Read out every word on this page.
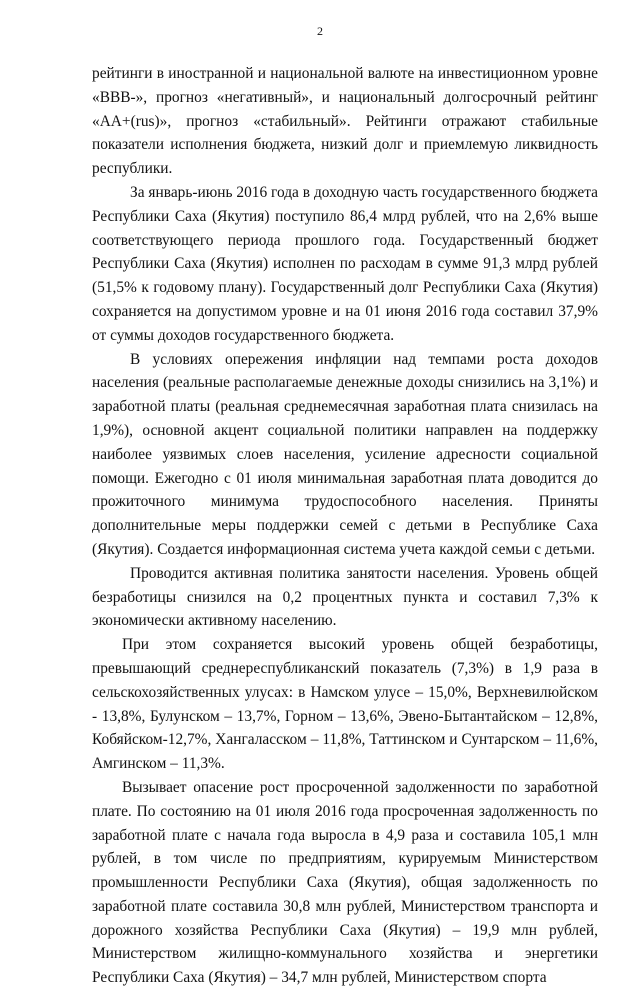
2

рейтинги в иностранной и национальной валюте на инвестиционном уровне «BBB-», прогноз «негативный», и национальный долгосрочный рейтинг «AA+(rus)», прогноз «стабильный». Рейтинги отражают стабильные показатели исполнения бюджета, низкий долг и приемлемую ликвидность республики.

За январь-июнь 2016 года в доходную часть государственного бюджета Республики Саха (Якутия) поступило 86,4 млрд рублей, что на 2,6% выше соответствующего периода прошлого года. Государственный бюджет Республики Саха (Якутия) исполнен по расходам в сумме 91,3 млрд рублей (51,5% к годовому плану). Государственный долг Республики Саха (Якутия) сохраняется на допустимом уровне и на 01 июня 2016 года составил 37,9% от суммы доходов государственного бюджета.

В условиях опережения инфляции над темпами роста доходов населения (реальные располагаемые денежные доходы снизились на 3,1%) и заработной платы (реальная среднемесячная заработная плата снизилась на 1,9%), основной акцент социальной политики направлен на поддержку наиболее уязвимых слоев населения, усиление адресности социальной помощи. Ежегодно с 01 июля минимальная заработная плата доводится до прожиточного минимума трудоспособного населения. Приняты дополнительные меры поддержки семей с детьми в Республике Саха (Якутия). Создается информационная система учета каждой семьи с детьми.

Проводится активная политика занятости населения. Уровень общей безработицы снизился на 0,2 процентных пункта и составил 7,3% к экономически активному населению.

При этом сохраняется высокий уровень общей безработицы, превышающий среднереспубликанский показатель (7,3%) в 1,9 раза в сельскохозяйственных улусах: в Намском улусе – 15,0%, Верхневилюйском - 13,8%, Булунском – 13,7%, Горном – 13,6%, Эвено-Бытантайском – 12,8%, Кобяйском-12,7%, Хангаласском – 11,8%, Таттинском и Сунтарском – 11,6%, Амгинском – 11,3%.

Вызывает опасение рост просроченной задолженности по заработной плате. По состоянию на 01 июля 2016 года просроченная задолженность по заработной плате с начала года выросла в 4,9 раза и составила 105,1 млн рублей, в том числе по предприятиям, курируемым Министерством промышленности Республики Саха (Якутия), общая задолженность по заработной плате составила 30,8 млн рублей, Министерством транспорта и дорожного хозяйства Республики Саха (Якутия) – 19,9 млн рублей, Министерством жилищно-коммунального хозяйства и энергетики Республики Саха (Якутия) – 34,7 млн рублей, Министерством спорта
